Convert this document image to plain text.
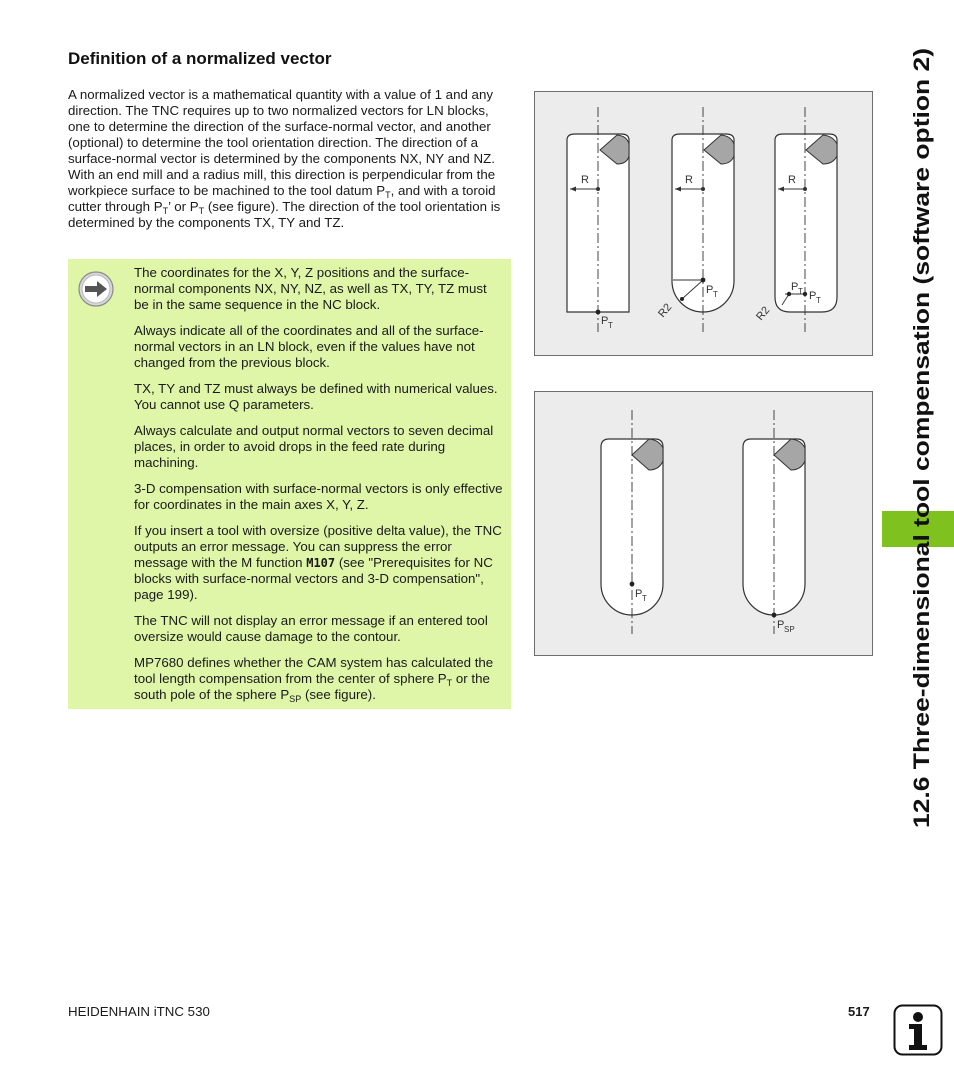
Definition of a normalized vector

A normalized vector is a mathematical quantity with a value of 1 and any direction. The TNC requires up to two normalized vectors for LN blocks, one to determine the direction of the surface-normal vector, and another (optional) to determine the tool orientation direction. The direction of a surface-normal vector is determined by the components NX, NY and NZ. With an end mill and a radius mill, this direction is perpendicular from the workpiece surface to be machined to the tool datum $P_T$, and with a toroid cutter through $P_T$’ or $P_T$ (see figure). The direction of the tool orientation is determined by the components TX, TY and TZ.

The coordinates for the X, Y, Z positions and the surface-normal components NX, NY, NZ, as well as TX, TY, TZ must be in the same sequence in the NC block.

Always indicate all of the coordinates and all of the surface-normal vectors in an LN block, even if the values have not changed from the previous block.

TX, TY and TZ must always be defined with numerical values. You cannot use Q parameters.

Always calculate and output normal vectors to seven decimal places, in order to avoid drops in the feed rate during machining.

3-D compensation with surface-normal vectors is only effective for coordinates in the main axes X, Y, Z.

If you insert a tool with oversize (positive delta value), the TNC outputs an error message. You can suppress the error message with the M function M107 (see "Prerequisites for NC blocks with surface-normal vectors and 3-D compensation", page 199).

The TNC will not display an error message if an entered tool oversize would cause damage to the contour.

MP7680 defines whether the CAM system has calculated the tool length compensation from the center of sphere $P_T$ or the south pole of the sphere $P_{SP}$ (see figure).

R
P T
R
R2
P T
R
R2
P T P T
P T
P SP	12.6 Three-dimensional tool compensation (software option 2)
HEIDENHAIN iTNC 530	517
